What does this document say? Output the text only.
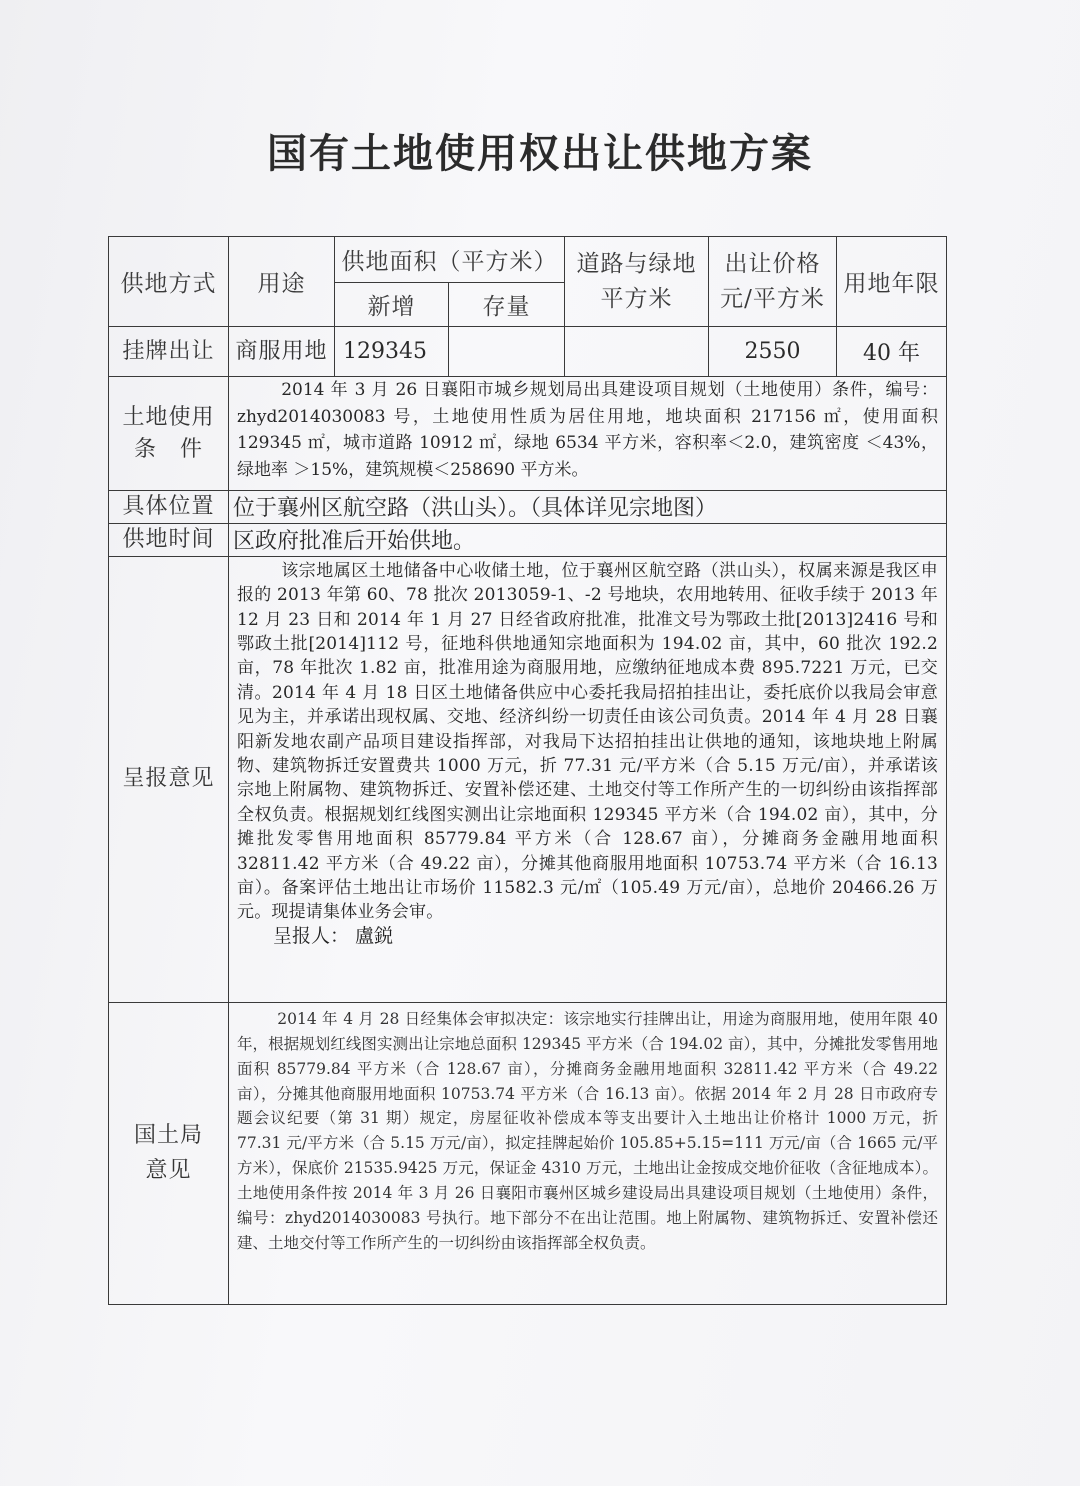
国有土地使用权出让供地方案
供地方式	用途	供地面积（平方米）		道路与绿地平方米	出让价格元/平方米	用地年限
		新增	存量			
挂牌出让	商服用地	129345			2550	40 年
土地使用条　件	2014 年 3 月 26 日襄阳市城乡规划局出具建设项目规划（土地使用）条件，编号：zhyd2014030083 号，土地使用性质为居住用地，地块面积 217156 ㎡，使用面积 129345 ㎡，城市道路 10912 ㎡，绿地 6534 平方米，容积率＜2.0，建筑密度 ＜43%，绿地率 ＞15%，建筑规模＜258690 平方米。					

具体位置	位于襄州区航空路（洪山头）。（具体详见宗地图）					
供地时间	区政府批准后开始供地。					
呈报意见	该宗地属区土地储备中心收储土地，位于襄州区航空路（洪山头），权属来源是我区申报的 2013 年第 60、78 批次 2013059-1、-2 号地块，农用地转用、征收手续于 2013 年 12 月 23 日和 2014 年 1 月 27 日经省政府批准，批准文号为鄂政土批[2013]2416 号和鄂政土批[2014]112 号，征地科供地通知宗地面积为 194.02 亩，其中，60 批次 192.2 亩，78 年批次 1.82 亩，批准用途为商服用地，应缴纳征地成本费 895.7221 万元，已交清。2014 年 4 月 18 日区土地储备供应中心委托我局招拍挂出让，委托底价以我局会审意见为主，并承诺出现权属、交地、经济纠纷一切责任由该公司负责。2014 年 4 月 28 日襄阳新发地农副产品项目建设指挥部，对我局下达招拍挂出让供地的通知，该地块地上附属物、建筑物拆迁安置费共 1000 万元，折 77.31 元/平方米（合 5.15 万元/亩），并承诺该宗地上附属物、建筑物拆迁、安置补偿还建、土地交付等工作所产生的一切纠纷由该指挥部全权负责。根据规划红线图实测出让宗地面积 129345 平方米（合 194.02 亩），其中，分摊批发零售用地面积 85779.84 平方米（合 128.67 亩），分摊商务金融用地面积 32811.42 平方米（合 49.22 亩），分摊其他商服用地面积 10753.74 平方米（合 16.13 亩）。备案评估土地出让市场价 11582.3 元/㎡（105.49 万元/亩），总地价 20466.26 万元。现提请集体业务会审。
呈报人： 盧鋭					

国土局意见	2014 年 4 月 28 日经集体会审拟决定：该宗地实行挂牌出让，用途为商服用地，使用年限 40 年，根据规划红线图实测出让宗地总面积 129345 平方米（合 194.02 亩），其中，分摊批发零售用地面积 85779.84 平方米（合 128.67 亩），分摊商务金融用地面积 32811.42 平方米（合 49.22 亩），分摊其他商服用地面积 10753.74 平方米（合 16.13 亩）。依据 2014 年 2 月 28 日市政府专题会议纪要（第 31 期）规定，房屋征收补偿成本等支出要计入土地出让价格计 1000 万元，折 77.31 元/平方米（合 5.15 万元/亩），拟定挂牌起始价 105.85+5.15=111 万元/亩（合 1665 元/平方米），保底价 21535.9425 万元，保证金 4310 万元，土地出让金按成交地价征收（含征地成本）。土地使用条件按 2014 年 3 月 26 日襄阳市襄州区城乡建设局出具建设项目规划（土地使用）条件，编号：zhyd2014030083 号执行。地下部分不在出让范围。地上附属物、建筑物拆迁、安置补偿还建、土地交付等工作所产生的一切纠纷由该指挥部全权负责。					
